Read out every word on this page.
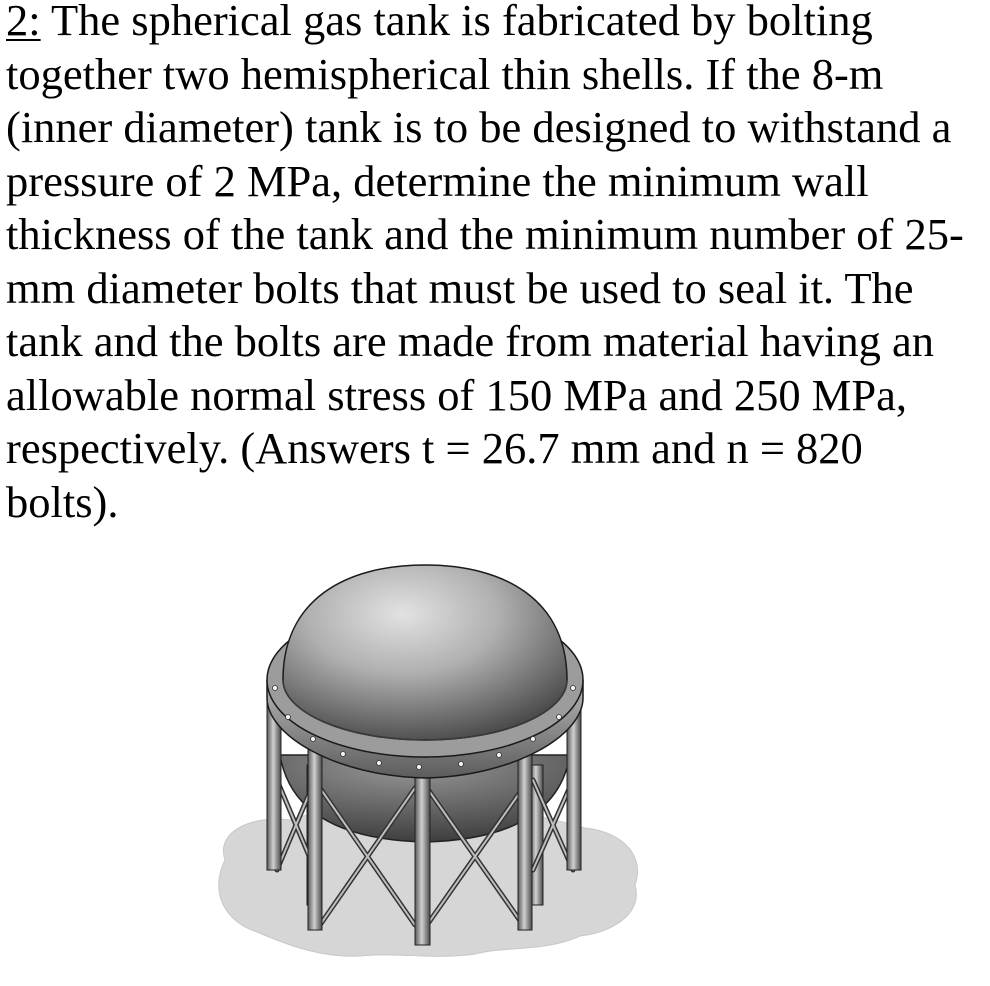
2: The spherical gas tank is fabricated by bolting
together two hemispherical thin shells. If the 8-m
(inner diameter) tank is to be designed to withstand a
pressure of 2 MPa, determine the minimum wall
thickness of the tank and the minimum number of 25-
mm diameter bolts that must be used to seal it. The
tank and the bolts are made from material having an
allowable normal stress of 150 MPa and 250 MPa,
respectively. (Answers t = 26.7 mm and n = 820
bolts).
